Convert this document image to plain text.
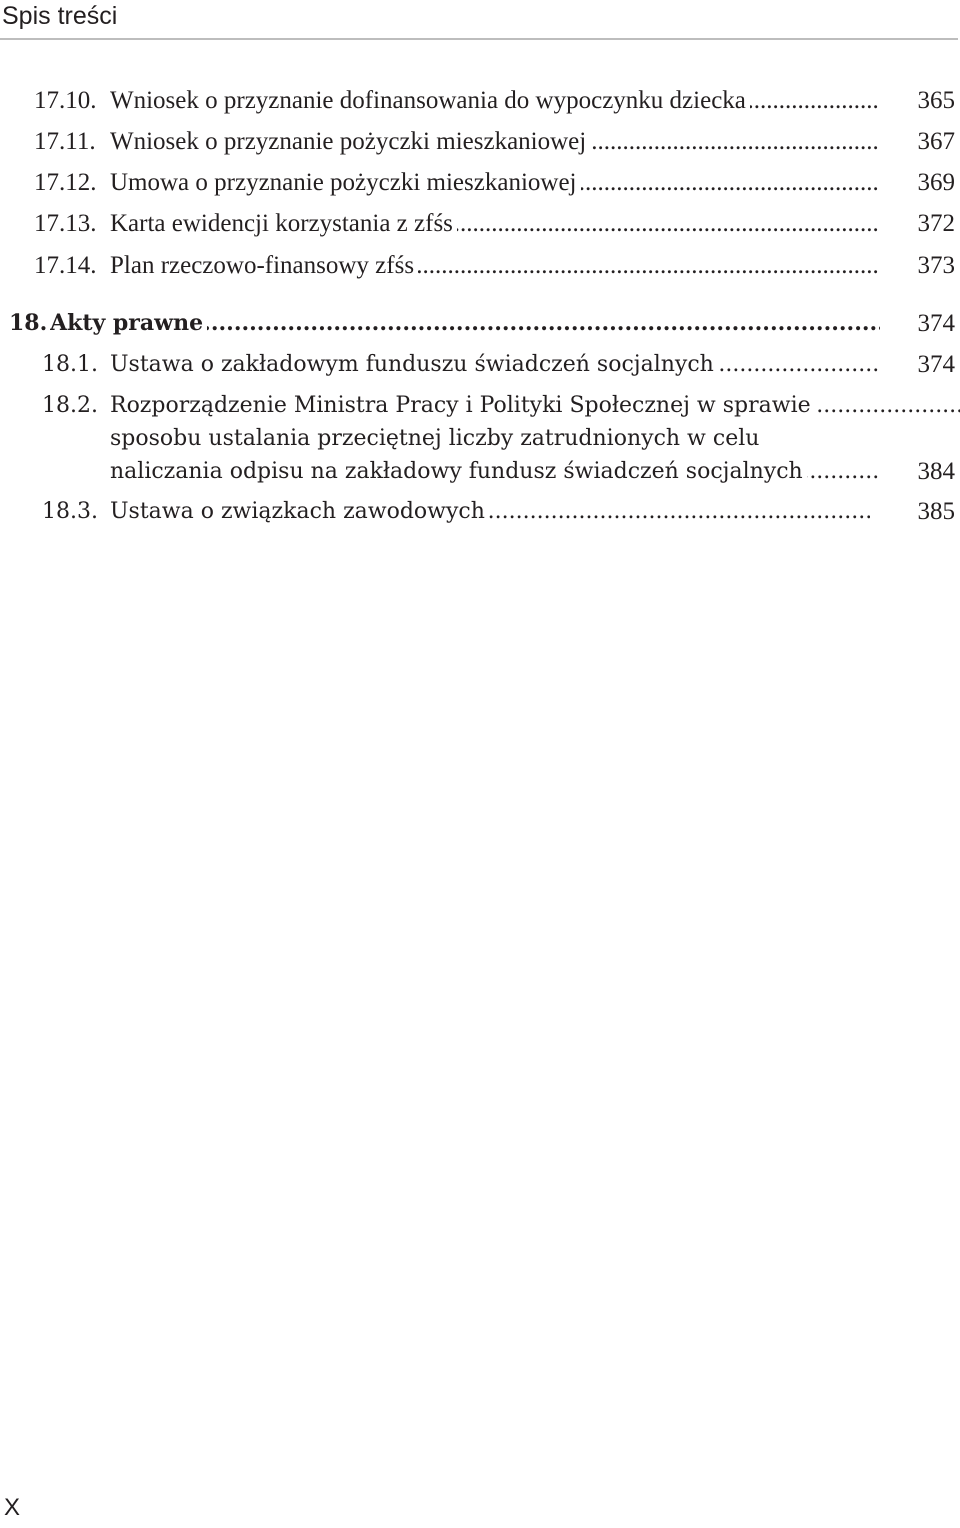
Spis treści
17.10. Wniosek o przyznanie dofinansowania do wypoczynku dziecka .....	365
17.11. Wniosek o przyznanie pożyczki mieszkaniowej .....	367
17.12. Umowa o przyznanie pożyczki mieszkaniowej .....	369
17.13. Karta ewidencji korzystania z zfśs .....	372
17.14. Plan rzeczowo-finansowy zfśs .....	373
18. Akty prawne .....	374
18.1. Ustawa o zakładowym funduszu świadczeń socjalnych .....	374
18.2. Rozporządzenie Ministra Pracy i Polityki Społecznej w sprawie .....
sposobu ustalania przeciętnej liczby zatrudnionych w celu
naliczania odpisu na zakładowy fundusz świadczeń socjalnych .....	384
18.3. Ustawa o związkach zawodowych .....	385
X
